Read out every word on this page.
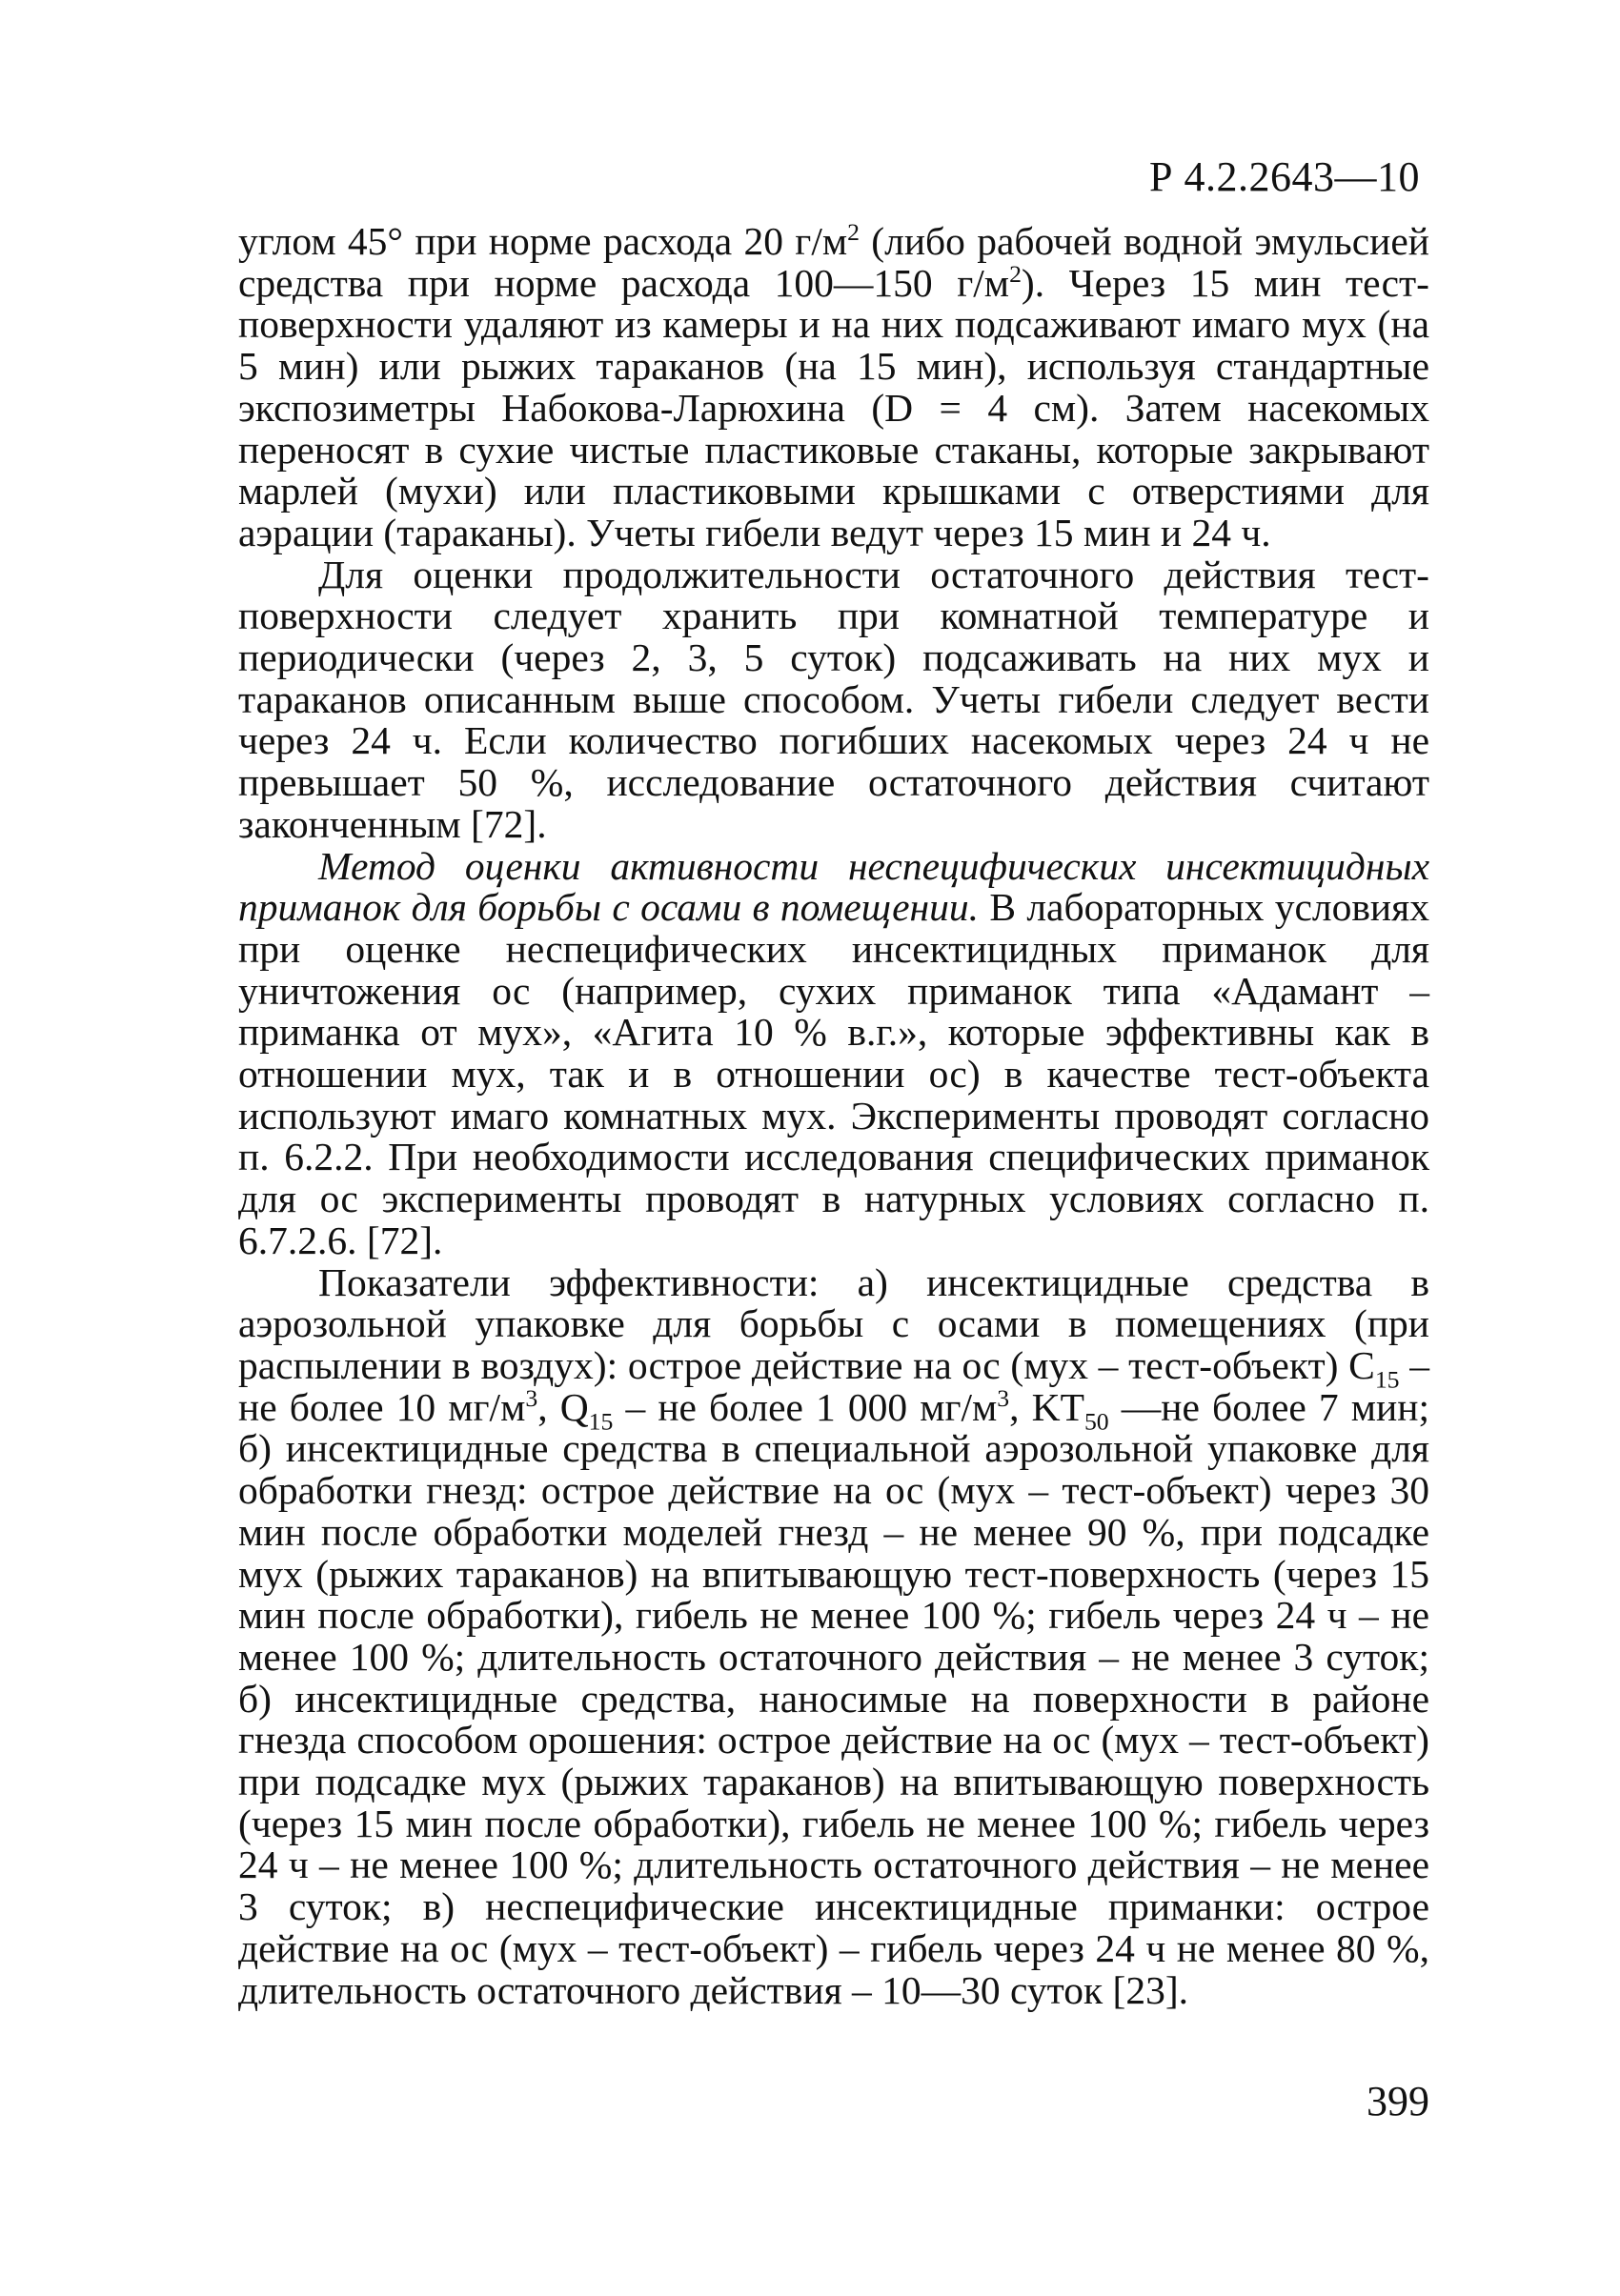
Р 4.2.2643—10

углом 45° при норме расхода 20 $г/м^2$ (либо рабочей водной эмульсией средства при норме расхода 100—150 $г/м^2$). Через 15 мин тест-поверхности удаляют из камеры и на них подсаживают имаго мух (на 5 мин) или рыжих тараканов (на 15 мин), используя стандартные экспозиметры Набокова-Ларюхина (D = 4 см). Затем насекомых переносят в сухие чистые пластиковые стаканы, которые закрывают марлей (мухи) или пластиковыми крышками с отверстиями для аэрации (тараканы). Учеты гибели ведут через 15 мин и 24 ч.

Для оценки продолжительности остаточного действия тест-поверхности следует хранить при комнатной температуре и периодически (через 2, 3, 5 суток) подсаживать на них мух и тараканов описанным выше способом. Учеты гибели следует вести через 24 ч. Если количество погибших насекомых через 24 ч не превышает 50 %, исследование остаточного действия считают законченным [72].

Метод оценки активности неспецифических инсектицидных приманок для борьбы с осами в помещении. В лабораторных условиях при оценке неспецифических инсектицидных приманок для уничтожения ос (например, сухих приманок типа «Адамант – приманка от мух», «Агита 10 % в.г.», которые эффективны как в отношении мух, так и в отношении ос) в качестве тест-объекта используют имаго комнатных мух. Эксперименты проводят согласно п. 6.2.2. При необходимости исследования специфических приманок для ос эксперименты проводят в натурных условиях согласно п. 6.7.2.6. [72].

Показатели эффективности: а) инсектицидные средства в аэрозольной упаковке для борьбы с осами в помещениях (при распылении в воздух): острое действие на ос (мух – тест-объект) $C_{15}$ – не более 10 $мг/м^3$, $Q_{15}$ – не более 1 000 $мг/м^3$, $KT_{50}$ —не более 7 мин; б) инсектицидные средства в специальной аэрозольной упаковке для обработки гнезд: острое действие на ос (мух – тест-объект) через 30 мин после обработки моделей гнезд – не менее 90 %, при подсадке мух (рыжих тараканов) на впитывающую тест-поверхность (через 15 мин после обработки), гибель не менее 100 %; гибель через 24 ч – не менее 100 %; длительность остаточного действия – не менее 3 суток; б) инсектицидные средства, наносимые на поверхности в районе гнезда способом орошения: острое действие на ос (мух – тест-объект) при подсадке мух (рыжих тараканов) на впитывающую поверхность (через 15 мин после обработки), гибель не менее 100 %; гибель через 24 ч – не менее 100 %; длительность остаточного действия – не менее 3 суток; в) неспецифические инсектицидные приманки: острое действие на ос (мух – тест-объект) – гибель через 24 ч не менее 80 %, длительность остаточного действия – 10—30 суток [23].

399
